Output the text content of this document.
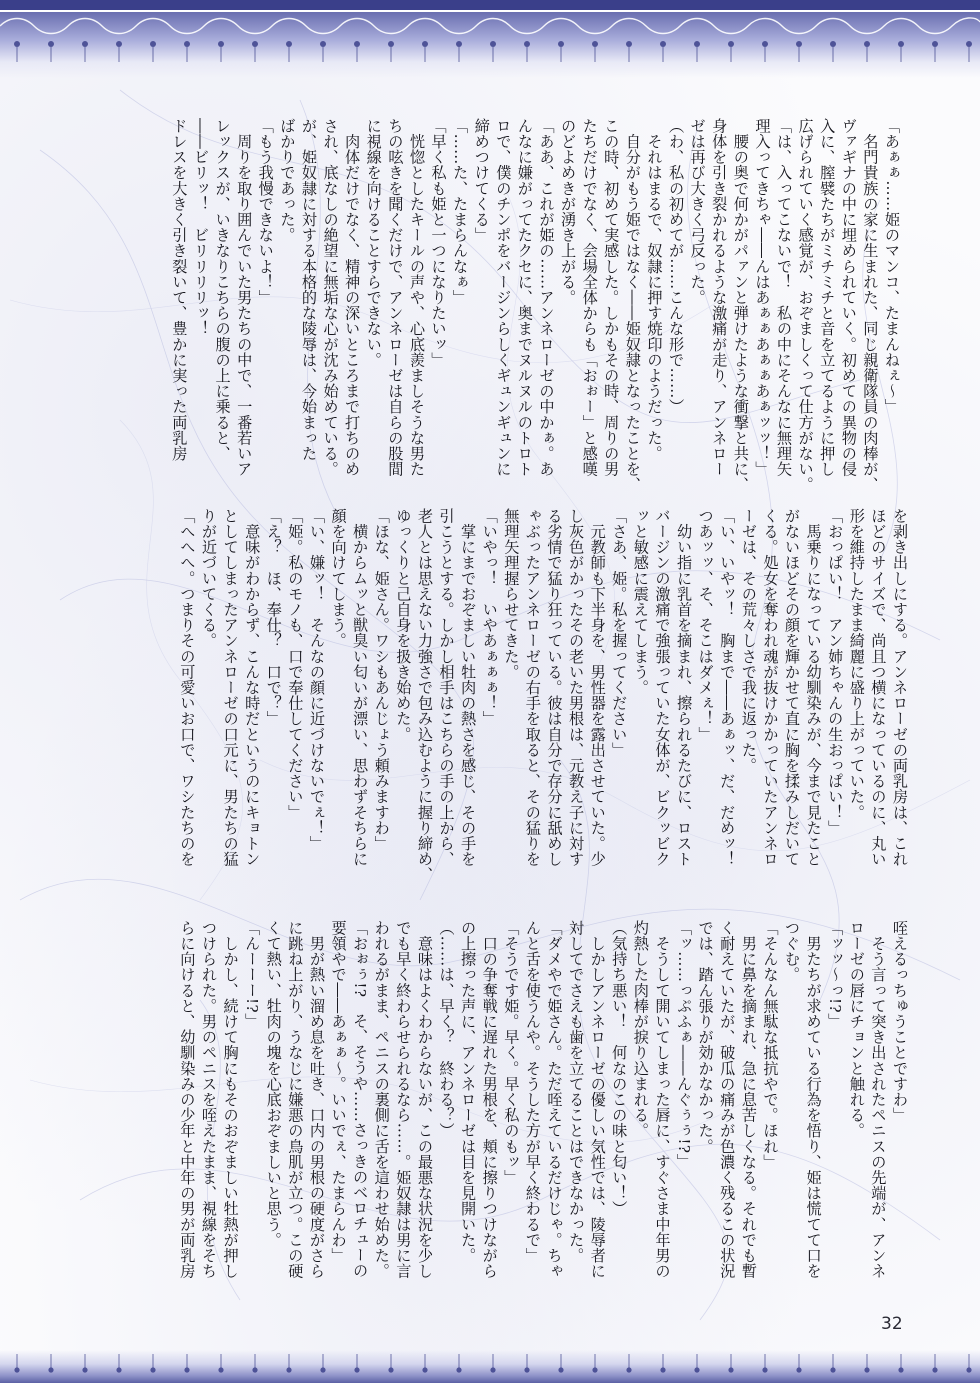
「あぁぁ……姫のマンコ、たまんねぇ～」
　名門貴族の家に生まれた、同じ親衛隊員の肉棒が、
ヴァギナの中に埋められていく。初めての異物の侵
入に、膣襞たちがミチミチと音を立てるように押し
広げられていく感覚が、おぞましくって仕方がない。
「は、入ってこないで！　私の中にそんなに無理矢
理入ってきちゃ――んはあぁぁあぁぁあぁッッ！」
　腰の奥で何かがパァンと弾けたような衝撃と共に、
身体を引き裂かれるような激痛が走り、アンネロー
ゼは再び大きく弓反った。
（わ、私の初めてが……こんな形で……）
　それはまるで、奴隷に押す焼印のようだった。
　自分がもう姫ではなく――姫奴隷となったことを、
この時、初めて実感した。しかもその時、周りの男
たちだけでなく、会場全体からも「おぉー」と感嘆
のどよめきが湧き上がる。
「ああ、これが姫の……アンネローゼの中かぁ。あ
んなに嫌がってたクセに、奥までヌルヌルのトロト
ロで、僕のチンポをバージンらしくギュンギュンに
締めつけてくる」
「……た、たまらんなぁ」
「早く私も姫と一つになりたいッ」
　恍惚としたキールの声や、心底羨ましそうな男た
ちの呟きを聞くだけで、アンネローゼは自らの股間
に視線を向けることすらできない。
　肉体だけでなく、精神の深いところまで打ちのめ
され、底なしの絶望に無垢な心が沈み始めている。
が、姫奴隷に対する本格的な陵辱は、今始まった
ばかりであった。
「もう我慢できないよ！」
　周りを取り囲んでいた男たちの中で、一番若いア
レックスが、いきなりこちらの腹の上に乗ると、
――ビリッ！　ビリリリリッ！
ドレスを大きく引き裂いて、豊かに実った両乳房
を剥き出しにする。アンネローゼの両乳房は、これ
ほどのサイズで、尚且つ横になっているのに、丸い
形を維持したまま綺麗に盛り上がっていた。
「おっぱい！　アン姉ちゃんの生おっぱい！」
　馬乗りになっている幼馴染みが、今まで見たこと
がないほどその顔を輝かせて直に胸を揉みしだいて
くる。処女を奪われ魂が抜けかかっていたアンネロ
ーゼは、その荒々しさで我に返った。
「い、いやッ！　胸まで――あぁッ、だ、だめッ！
つあッッ、そ、そこはダメぇ！」
　幼い指に乳首を摘まれ、擦られるたびに、ロスト
バージンの激痛で強張っていた女体が、ビクッビク
ッと敏感に震えてしまう。
「さあ、姫。私を握ってください」
　元教師も下半身を、男性器を露出させていた。少
し灰色がかったその老いた男根は、元教え子に対す
る劣情で猛り狂っている。彼は自分で存分に舐めし
ゃぶったアンネローゼの右手を取ると、その猛りを
無理矢理握らせてきた。
「いやっ！　いやあぁぁぁ！」
　掌にまでおぞましい牡肉の熱さを感じ、その手を
引こうとする。しかし相手はこちらの手の上から、
老人とは思えない力強さで包み込むように握り締め、
ゆっくりと己自身を扱き始めた。
「ほな、姫さん。ワシもあんじょう頼みますわ」
　横からムッと獣臭い匂いが漂い、思わずそちらに
顔を向けてしまう。
「い、嫌ッ！　そんなの顔に近づけないでぇ！」
「姫。私のモノも、口で奉仕してください」
「え？　ほ、奉仕？　口で？」
　意味がわからず、こんな時だというのにキョトン
としてしまったアンネローゼの口元に、男たちの猛
りが近づいてくる。
「へへへ。つまりその可愛いお口で、ワシたちのを
咥えるっちゅうことですわ」
　そう言って突き出されたペニスの先端が、アンネ
ローゼの唇にチョンと触れる。
「ッッ～っ!?」
　男たちが求めている行為を悟り、姫は慌てて口を
つぐむ。
「そんなん無駄な抵抗やで。ほれ」
　男に鼻を摘まれ、急に息苦しくなる。それでも暫
く耐えていたが、破瓜の痛みが色濃く残るこの状況
では、踏ん張りが効かなかった。
「ッ……っぷふぁ――んぐぅぅ!?」
　そうして開いてしまった唇に、すぐさま中年男の
灼熱した肉棒が捩り込まれる。
（気持ち悪い！　何なのこの味と匂い！）
　しかしアンネローゼの優しい気性では、陵辱者に
対してでさえも歯を立てることはできなかった。
「ダメやで姫さん。ただ咥えているだけじゃ。ちゃ
んと舌を使うんや。そうした方が早く終わるで」
「そうです姫。早く。早く私のもッ」
　口の争奪戦に遅れた男根を、頬に擦りつけながら
の上擦った声に、アンネローゼは目を見開いた。
（……は、早く？　終わる？）
　意味はよくわからないが、この最悪な状況を少し
でも早く終わらせられるなら……。姫奴隷は男に言
われるがまま、ペニスの裏側に舌を這わせ始めた。
「おぉぅ!?　そ、そうや……さっきのベロチューの
要領やで――あぁぁ～。いいでぇ、たまらんわ」
　男が熱い溜め息を吐き、口内の男根の硬度がさら
に跳ね上がり、うなじに嫌悪の鳥肌が立つ。この硬
くて熱い、牡肉の塊を心底おぞましいと思う。
「んーーー!?」
　しかし、続けて胸にもそのおぞましい牡熱が押し
つけられた。男のペニスを咥えたまま、視線をそち
らに向けると、幼馴染みの少年と中年の男が両乳房
32
